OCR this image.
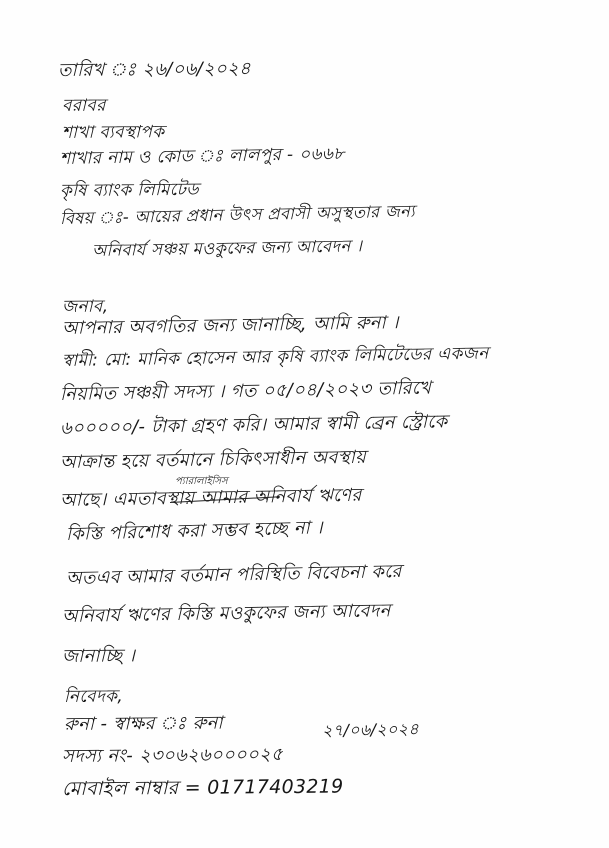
তারিখ ঃ ২৬/০৬/২০২৪
বরাবর
শাখা ব্যবস্থাপক
শাখার নাম ও কোড ঃ লালপুর - ০৬৬৮
কৃষি ব্যাংক লিমিটেড
বিষয় ঃ- আয়ের প্রধান উৎস প্রবাসী অসুস্থতার জন্য
অনিবার্য সঞ্চয় মওকুফের জন্য আবেদন ।
জনাব,
আপনার অবগতির জন্য জানাচ্ছি, আমি রুনা ।
স্বামী: মো: মানিক হোসেন আর কৃষি ব্যাংক লিমিটেডের একজন
নিয়মিত সঞ্চয়ী সদস্য । গত ০৫/০৪/২০২৩ তারিখে
৬০০০০০/- টাকা গ্রহণ করি। আমার স্বামী ব্রেন স্ট্রোকে
আক্রান্ত হয়ে বর্তমানে চিকিৎসাধীন অবস্থায়
প্যারালাইসিস
আছে। এমতাবস্থায় আমার অনিবার্য ঋণের
কিস্তি পরিশোধ করা সম্ভব হচ্ছে না ।
অতএব আমার বর্তমান পরিস্থিতি বিবেচনা করে
অনিবার্য ঋণের কিস্তি মওকুফের জন্য আবেদন
জানাচ্ছি ।
নিবেদক,
রুনা - স্বাক্ষর ঃ রুনা	২৭/০৬/২০২৪
সদস্য নং- ২৩০৬২৬০০০০২৫
মোবাইল নাম্বার = 01717403219
